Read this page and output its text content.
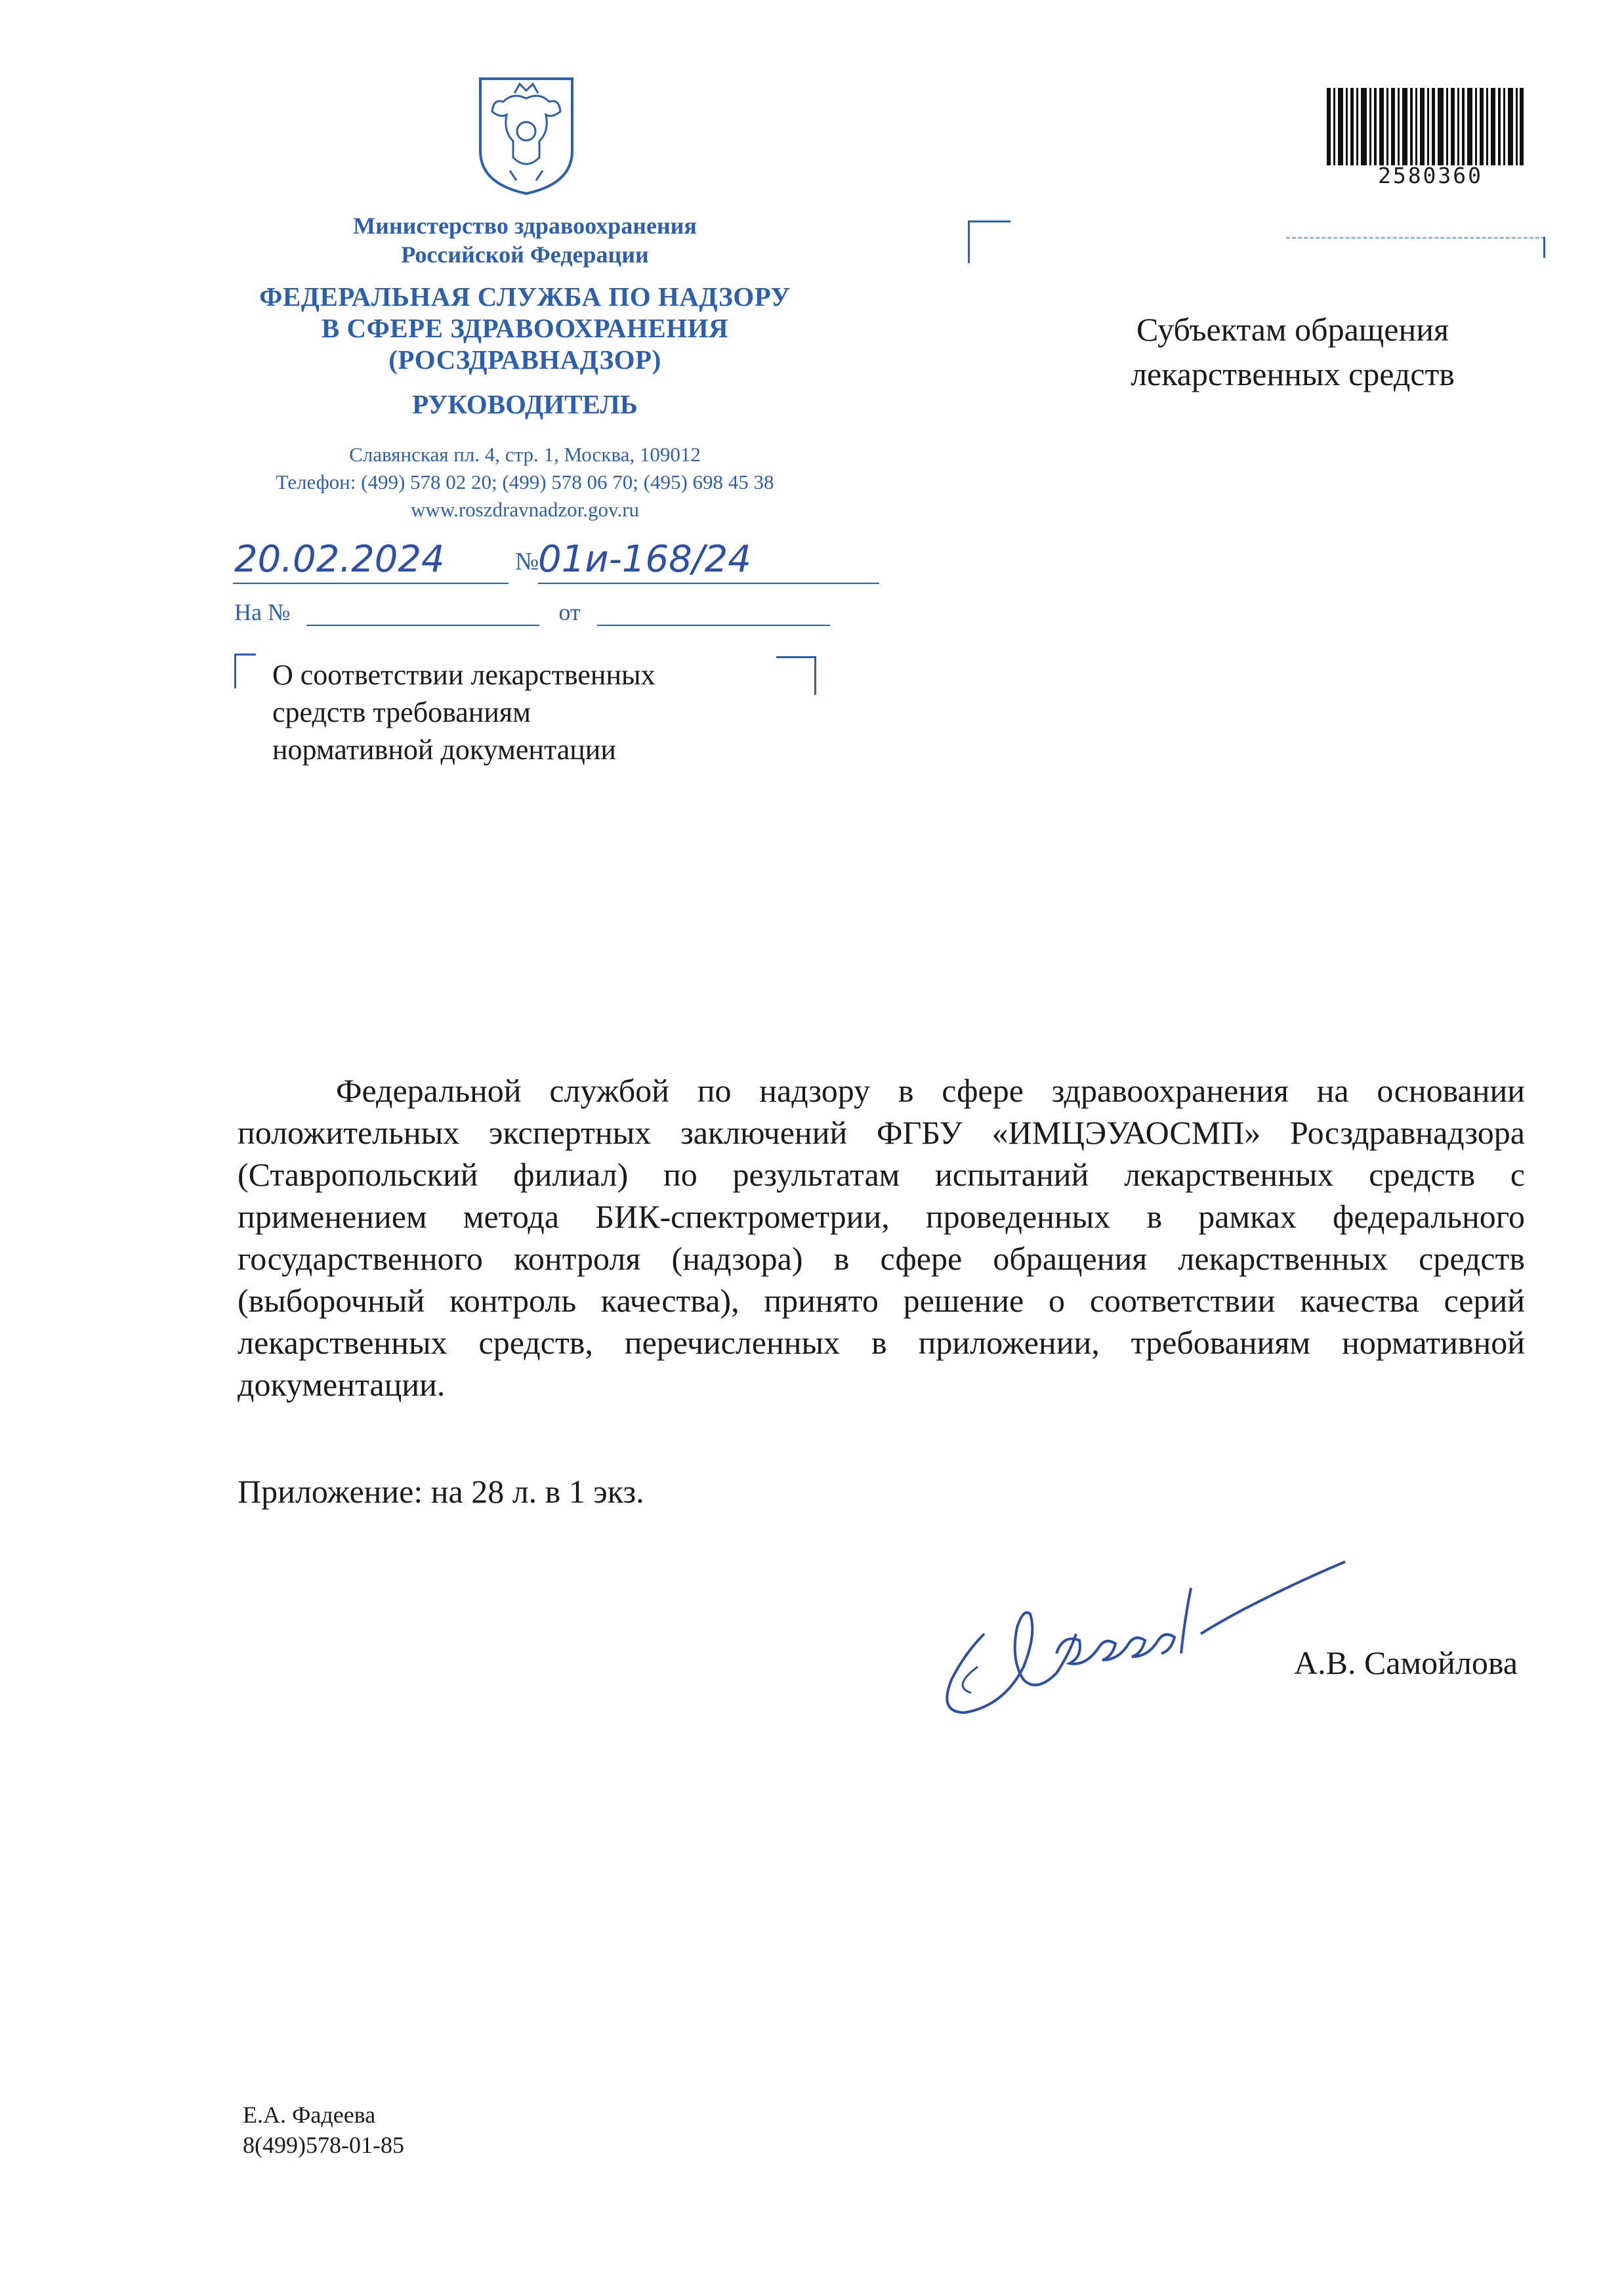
Министерство здравоохранения
Российской Федерации
ФЕДЕРАЛЬНАЯ СЛУЖБА ПО НАДЗОРУ
В СФЕРЕ ЗДРАВООХРАНЕНИЯ
(РОСЗДРАВНАДЗОР)
РУКОВОДИТЕЛЬ
Славянская пл. 4, стр. 1, Москва, 109012
Телефон: (499) 578 02 20; (499) 578 06 70; (495) 698 45 38
www.roszdravnadzor.gov.ru
2580360
Субъектам обращения
лекарственных средств
20.02.2024	№
01и-168/24
На №	от
О соответствии лекарственных
средств требованиям
нормативной документации

Федеральной службой по надзору в сфере здравоохранения на основании положительных экспертных заключений ФГБУ «ИМЦЭУАОСМП» Росздравнадзора (Ставропольский филиал) по результатам испытаний лекарственных средств с применением метода БИК-спектрометрии, проведенных в рамках федерального государственного контроля (надзора) в сфере обращения лекарственных средств (выборочный контроль качества), принято решение о соответствии качества серий лекарственных средств, перечисленных в приложении, требованиям нормативной документации.

Приложение: на 28 л. в 1 экз.
А.В. Самойлова
Е.А. Фадеева
8(499)578-01-85
